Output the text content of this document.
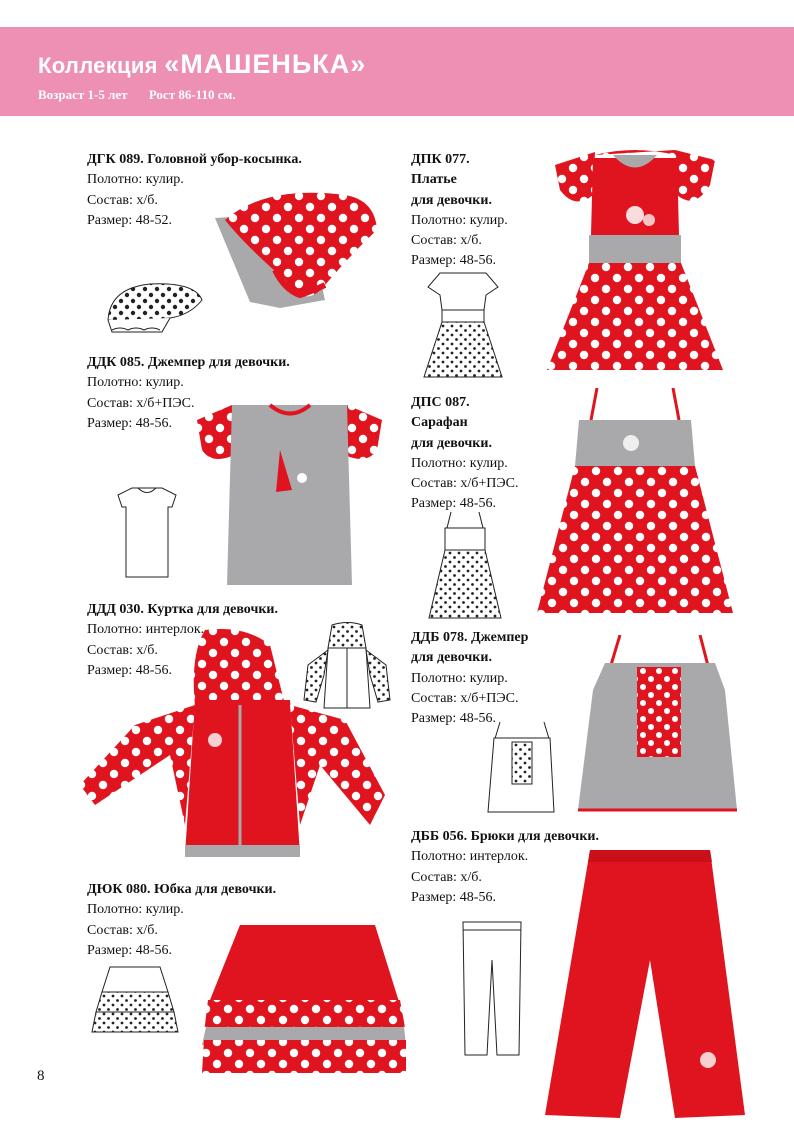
Коллекция «МАШЕНЬКА»
Возраст 1-5 лет Рост 86-110 см.
ДГК 089. Головной убор-косынка.
Полотно: кулир.
Состав: х/б.
Размер: 48-52.
ДПК 077.
Платье
для девочки.
Полотно: кулир.
Состав: х/б.
Размер: 48-56.
ДДК 085. Джемпер для девочки.
Полотно: кулир.
Состав: х/б+ПЭС.
Размер: 48-56.
ДПС 087.
Сарафан
для девочки.
Полотно: кулир.
Состав: х/б+ПЭС.
Размер: 48-56.
ДДД 030. Куртка для девочки.
Полотно: интерлок.
Состав: х/б.
Размер: 48-56.
ДДБ 078. Джемпер
для девочки.
Полотно: кулир.
Состав: х/б+ПЭС.
Размер: 48-56.
ДББ 056. Брюки для девочки.
Полотно: интерлок.
Состав: х/б.
Размер: 48-56.
ДЮК 080. Юбка для девочки.
Полотно: кулир.
Состав: х/б.
Размер: 48-56.
8
